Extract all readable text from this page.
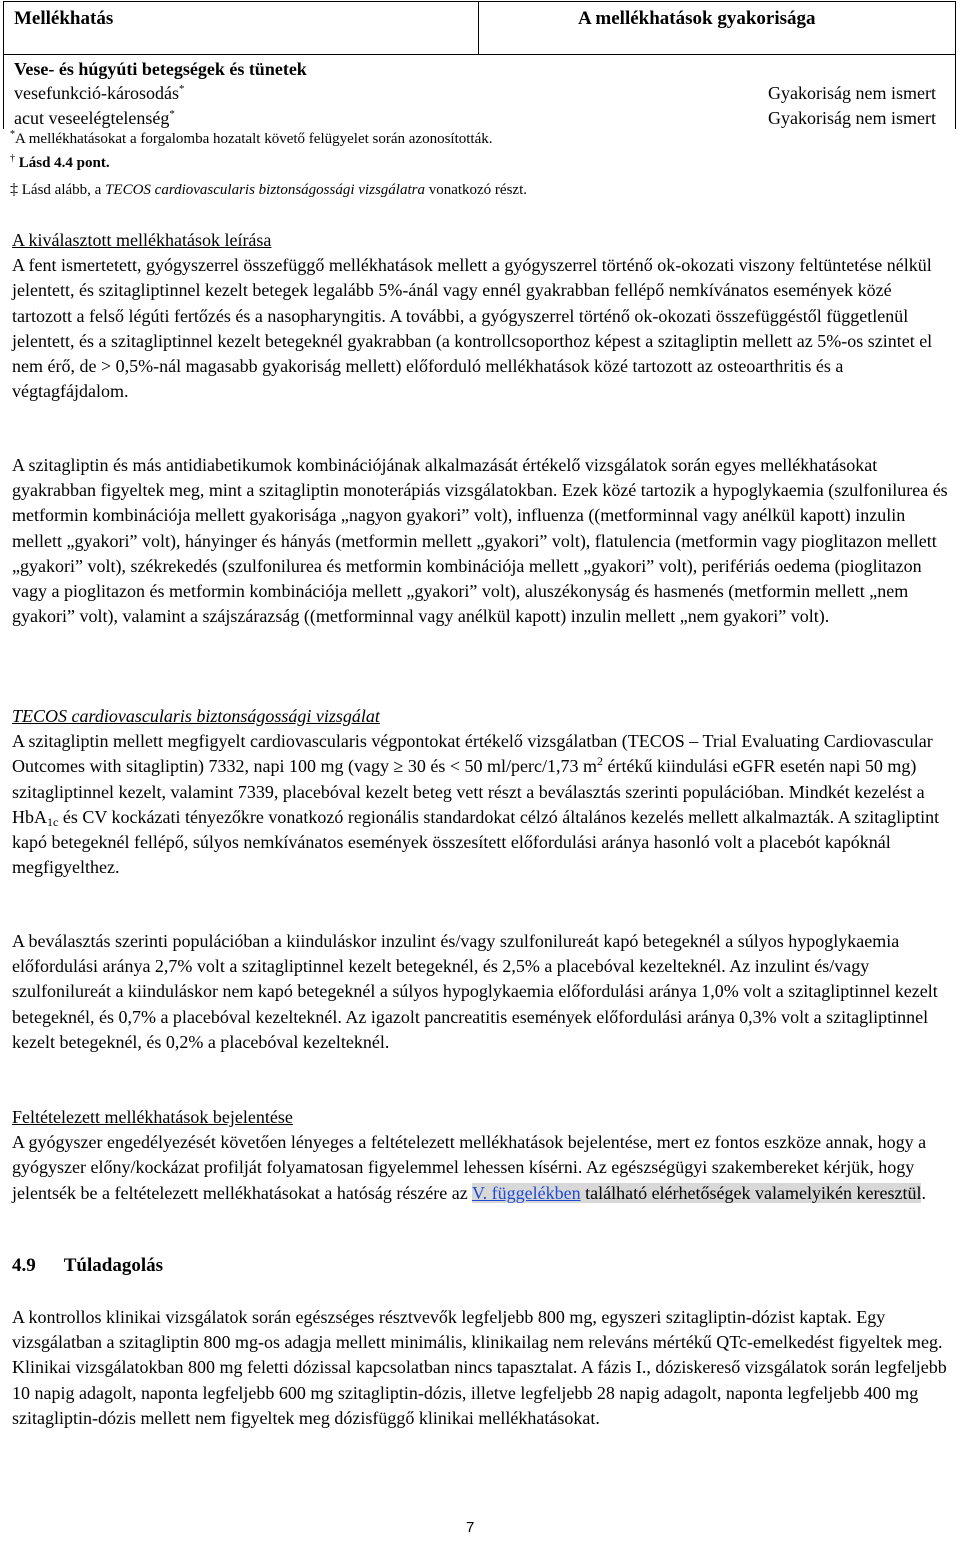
Mellékhatás	A mellékhatások gyakorisága
Vese- és húgyúti betegségek és tünetek
vesefunkció-károsodás*	Gyakoriság nem ismert
acut veseelégtelenség*	Gyakoriság nem ismert
*A mellékhatásokat a forgalomba hozatalt követő felügyelet során azonosították.
† Lásd 4.4 pont.
‡ Lásd alább, a TECOS cardiovascularis biztonságossági vizsgálatra vonatkozó részt.

A kiválasztott mellékhatások leírása
A fent ismertetett, gyógyszerrel összefüggő mellékhatások mellett a gyógyszerrel történő ok-okozati viszony feltüntetése nélkül jelentett, és szitagliptinnel kezelt betegek legalább 5%-ánál vagy ennél gyakrabban fellépő nemkívánatos események közé tartozott a felső légúti fertőzés és a nasopharyngitis. A további, a gyógyszerrel történő ok-okozati összefüggéstől függetlenül jelentett, és a szitagliptinnel kezelt betegeknél gyakrabban (a kontrollcsoporthoz képest a szitagliptin mellett az 5%-os szintet el nem érő, de > 0,5%-nál magasabb gyakoriság mellett) előforduló mellékhatások közé tartozott az osteoarthritis és a végtagfájdalom.

A szitagliptin és más antidiabetikumok kombinációjának alkalmazását értékelő vizsgálatok során egyes mellékhatásokat gyakrabban figyeltek meg, mint a szitagliptin monoterápiás vizsgálatokban. Ezek közé tartozik a hypoglykaemia (szulfonilurea és metformin kombinációja mellett gyakorisága „nagyon gyakori” volt), influenza ((metforminnal vagy anélkül kapott) inzulin mellett „gyakori” volt), hányinger és hányás (metformin mellett „gyakori” volt), flatulencia (metformin vagy pioglitazon mellett „gyakori” volt), székrekedés (szulfonilurea és metformin kombinációja mellett „gyakori” volt), perifériás oedema (pioglitazon vagy a pioglitazon és metformin kombinációja mellett „gyakori” volt), aluszékonyság és hasmenés (metformin mellett „nem gyakori” volt), valamint a szájszárazság ((metforminnal vagy anélkül kapott) inzulin mellett „nem gyakori” volt).

TECOS cardiovascularis biztonságossági vizsgálat
A szitagliptin mellett megfigyelt cardiovascularis végpontokat értékelő vizsgálatban (TECOS – Trial Evaluating Cardiovascular Outcomes with sitagliptin) 7332, napi 100 mg (vagy ≥ 30 és < 50 ml/perc/1,73 $m^2$ értékű kiindulási eGFR esetén napi 50 mg) szitagliptinnel kezelt, valamint 7339, placebóval kezelt beteg vett részt a beválasztás szerinti populációban. Mindkét kezelést a HbA$_{1c}$ és CV kockázati tényezőkre vonatkozó regionális standardokat célzó általános kezelés mellett alkalmazták. A szitagliptint kapó betegeknél fellépő, súlyos nemkívánatos események összesített előfordulási aránya hasonló volt a placebót kapóknál megfigyelthez.

A beválasztás szerinti populációban a kiinduláskor inzulint és/vagy szulfonilureát kapó betegeknél a súlyos hypoglykaemia előfordulási aránya 2,7% volt a szitagliptinnel kezelt betegeknél, és 2,5% a placebóval kezelteknél. Az inzulint és/vagy szulfonilureát a kiinduláskor nem kapó betegeknél a súlyos hypoglykaemia előfordulási aránya 1,0% volt a szitagliptinnel kezelt betegeknél, és 0,7% a placebóval kezelteknél. Az igazolt pancreatitis események előfordulási aránya 0,3% volt a szitagliptinnel kezelt betegeknél, és 0,2% a placebóval kezelteknél.

Feltételezett mellékhatások bejelentése
A gyógyszer engedélyezését követően lényeges a feltételezett mellékhatások bejelentése, mert ez fontos eszköze annak, hogy a gyógyszer előny/kockázat profilját folyamatosan figyelemmel lehessen kísérni. Az egészségügyi szakembereket kérjük, hogy jelentsék be a feltételezett mellékhatásokat a hatóság részére az V. függelékben található elérhetőségek valamelyikén keresztül.

4.9 Túladagolás

A kontrollos klinikai vizsgálatok során egészséges résztvevők legfeljebb 800 mg, egyszeri szitagliptin-dózist kaptak. Egy vizsgálatban a szitagliptin 800 mg-os adagja mellett minimális, klinikailag nem releváns mértékű QTc-emelkedést figyeltek meg. Klinikai vizsgálatokban 800 mg feletti dózissal kapcsolatban nincs tapasztalat. A fázis I., dóziskereső vizsgálatok során legfeljebb 10 napig adagolt, naponta legfeljebb 600 mg szitagliptin-dózis, illetve legfeljebb 28 napig adagolt, naponta legfeljebb 400 mg szitagliptin-dózis mellett nem figyeltek meg dózisfüggő klinikai mellékhatásokat.

7
